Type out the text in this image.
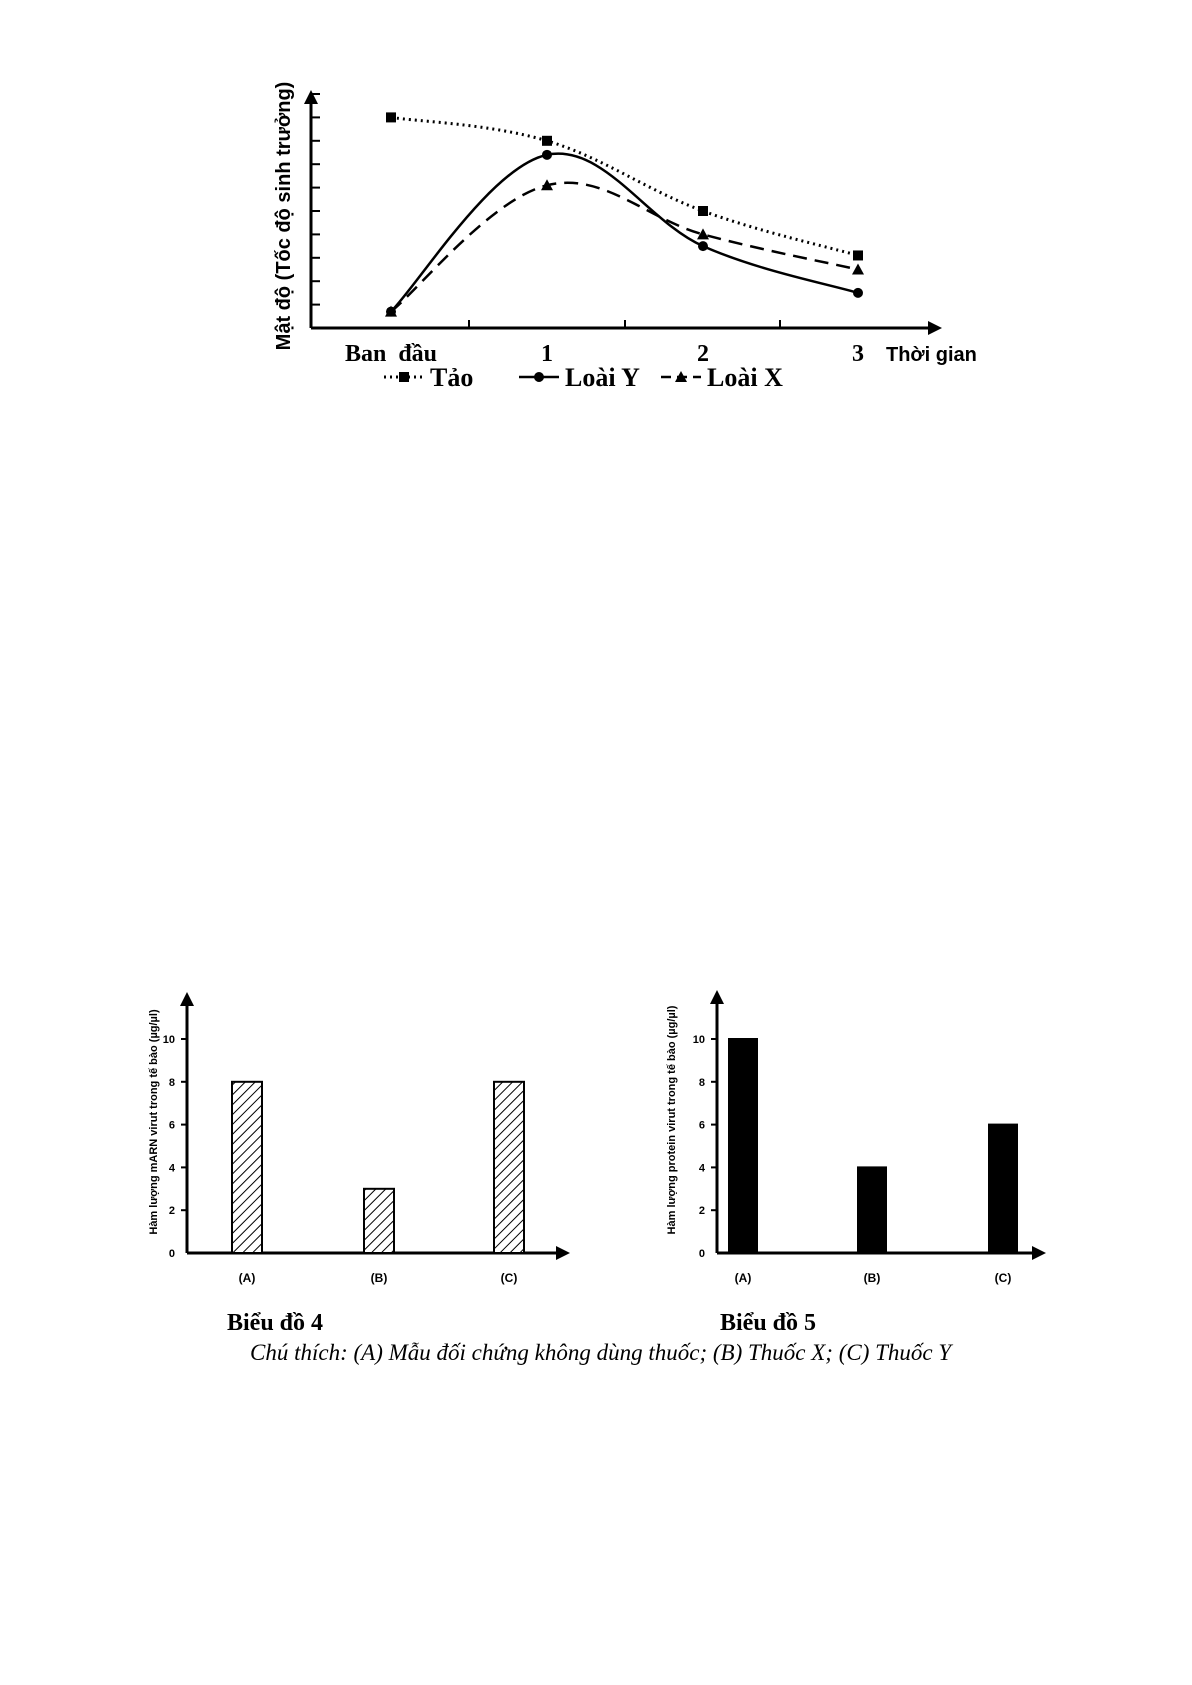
Ban  đầu	1	2	3 Thời gian
Mật độ (Tốc độ sinh trưởng)
Tảo	Loài Y	Loài X
0
2
4
6
8
10
(A)	(B)	(C)
Hàm lượng mARN virut trong tế bào (µg/µl)
0
2
4
6
8
10
(A)	(B)	(C)
Hàm lượng protein virut trong tế bào (µg/µl)
Biểu đồ 4	Biểu đồ 5
Chú thích: (A) Mẫu đối chứng không dùng thuốc; (B) Thuốc X; (C) Thuốc Y
